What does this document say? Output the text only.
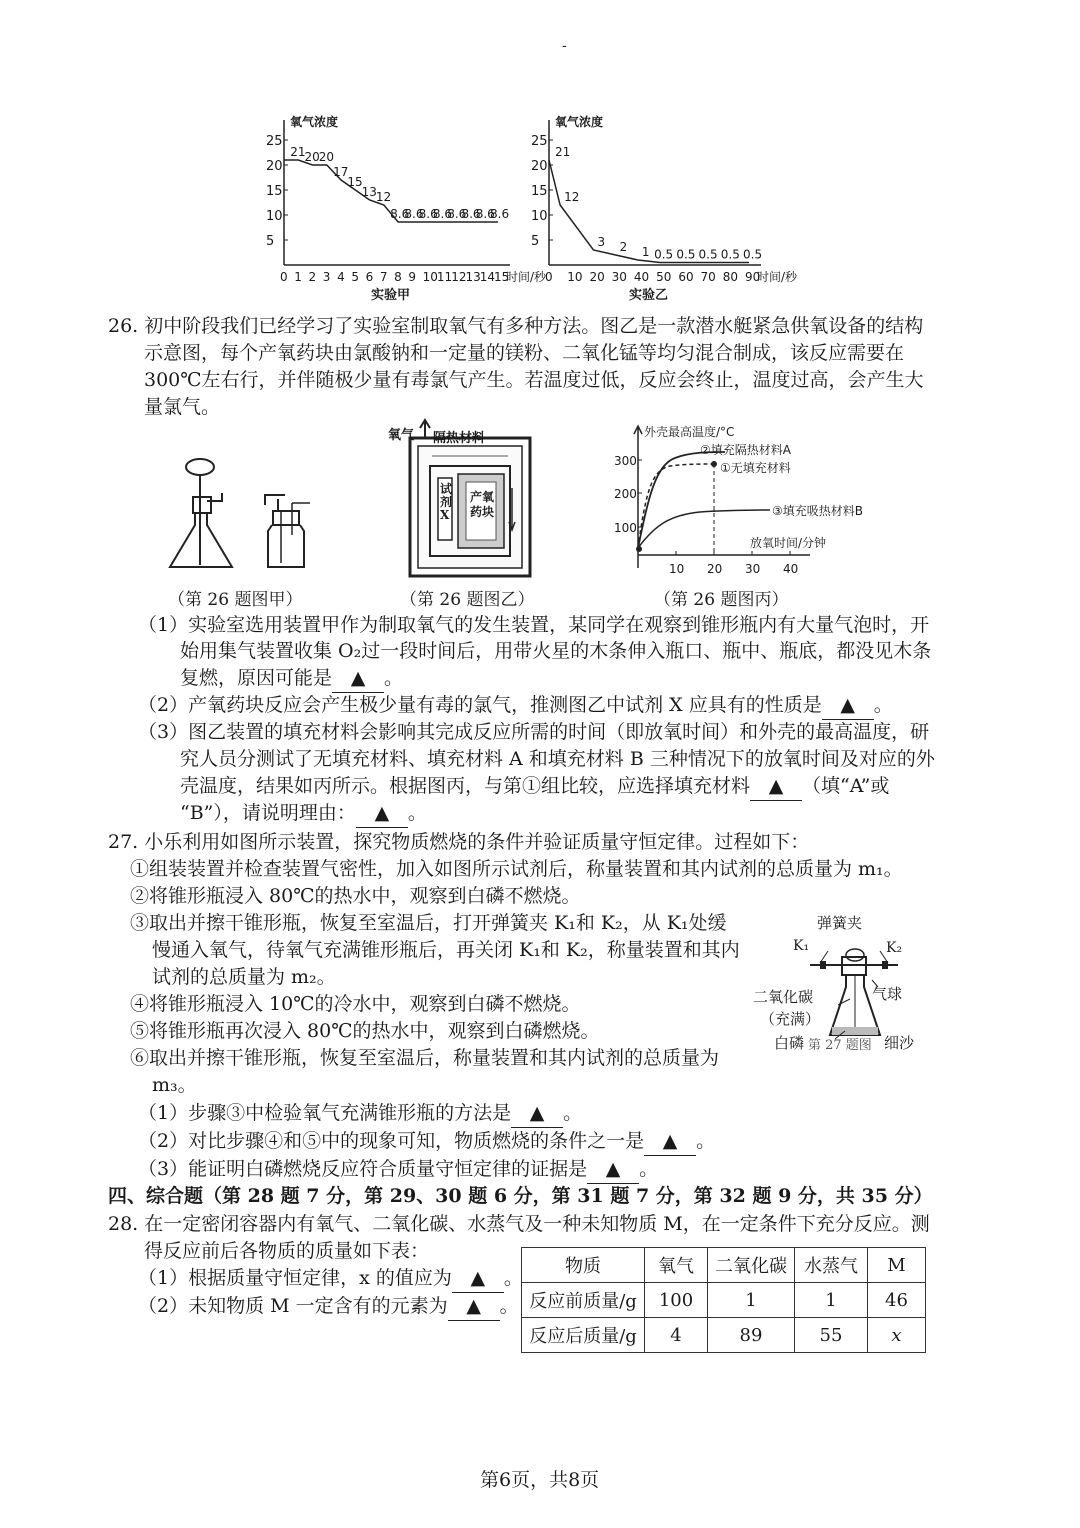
-
氧气浓度
时间/秒
实验甲
5
10
15
20
25
0 1 2 3 4 5 6 7 8 9 10
11
12
13
14
15
21
20
20
17
15
13
12
8.6
8.6
8.6
8.6
8.6
8.6
8.6
8.6
氧气浓度
时间/秒
实验乙
5
10
15
20
25
0 10 20 30 40 50 60 70 80 90
21
12
3 2 1 0.5 0.5 0.5 0.5 0.5
26. 初中阶段我们已经学习了实验室制取氧气有多种方法。图乙是一款潜水艇紧急供氧设备的结构
示意图，每个产氧药块由氯酸钠和一定量的镁粉、二氧化锰等均匀混合制成，该反应需要在
300℃左右行，并伴随极少量有毒氯气产生。若温度过低，反应会终止，温度过高，会产生大
量氯气。
（第 26 题图甲）
氧气 隔热材料
试剂X
产氧药块
（第 26 题图乙）
外壳最高温度/°C
放氧时间/分钟
100
200
300
10 20 30 40
②填充隔热材料A
①无填充材料
③填充吸热材料B
（第 26 题图丙）
（1）实验室选用装置甲作为制取氧气的发生装置，某同学在观察到锥形瓶内有大量气泡时，开
始用集气装置收集 O₂过一段时间后，用带火星的木条伸入瓶口、瓶中、瓶底，都没见木条
复燃，原因可能是 ▲ 。
（2）产氧药块反应会产生极少量有毒的氯气，推测图乙中试剂 X 应具有的性质是 ▲ 。
（3）图乙装置的填充材料会影响其完成反应所需的时间（即放氧时间）和外壳的最高温度，研
究人员分测试了无填充材料、填充材料 A 和填充材料 B 三种情况下的放氧时间及对应的外
壳温度，结果如丙所示。根据图丙，与第①组比较，应选择填充材料 ▲ （填“A”或
“B”），请说明理由： ▲ 。
27. 小乐利用如图所示装置，探究物质燃烧的条件并验证质量守恒定律。过程如下：
①组装装置并检查装置气密性，加入如图所示试剂后，称量装置和其内试剂的总质量为 m₁。
②将锥形瓶浸入 80℃的热水中，观察到白磷不燃烧。
③取出并擦干锥形瓶，恢复至室温后，打开弹簧夹 K₁和 K₂，从 K₁处缓
慢通入氧气，待氧气充满锥形瓶后，再关闭 K₁和 K₂，称量装置和其内
试剂的总质量为 m₂。
④将锥形瓶浸入 10℃的冷水中，观察到白磷不燃烧。
⑤将锥形瓶再次浸入 80℃的热水中，观察到白磷燃烧。
⑥取出并擦干锥形瓶，恢复至室温后，称量装置和其内试剂的总质量为
m₃。
弹簧夹
K₁	K₂
二氧化碳
（充满）
气球
白磷 第 27 题图 细沙
（1）步骤③中检验氧气充满锥形瓶的方法是 ▲ 。
（2）对比步骤④和⑤中的现象可知，物质燃烧的条件之一是 ▲ 。
（3）能证明白磷燃烧反应符合质量守恒定律的证据是 ▲ 。
四、综合题（第 28 题 7 分，第 29、30 题 6 分，第 31 题 7 分，第 32 题 9 分，共 35 分）
28. 在一定密闭容器内有氧气、二氧化碳、水蒸气及一种未知物质 M，在一定条件下充分反应。测
得反应前后各物质的质量如下表：
（1）根据质量守恒定律，x 的值应为 ▲ 。
（2）未知物质 M 一定含有的元素为 ▲ 。
物质	氧气	二氧化碳	水蒸气	M
反应前质量/g	100	1	1	46
反应后质量/g	4	89	55	x
第6页，共8页
